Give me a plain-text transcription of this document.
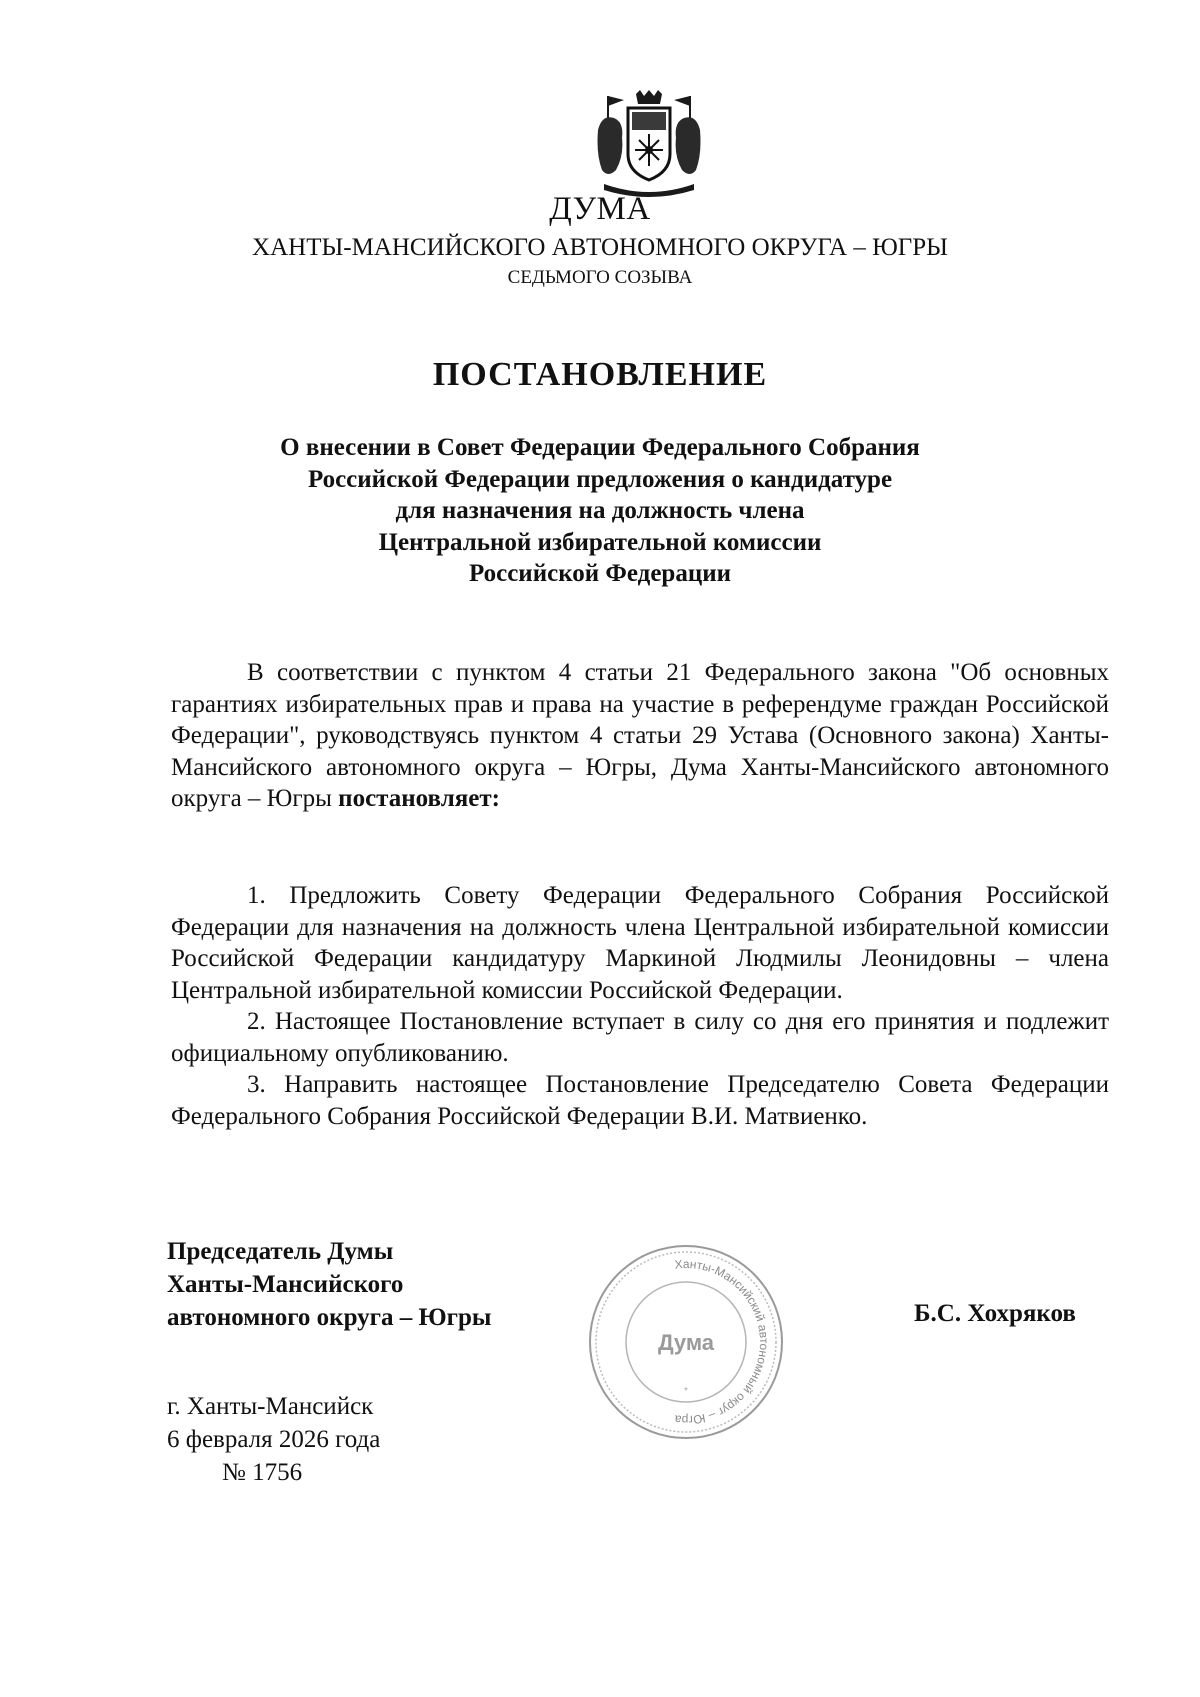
ДУМА
ХАНТЫ-МАНСИЙСКОГО АВТОНОМНОГО ОКРУГА – ЮГРЫ
СЕДЬМОГО СОЗЫВА
ПОСТАНОВЛЕНИЕ
О внесении в Совет Федерации Федерального Собрания
Российской Федерации предложения о кандидатуре
для назначения на должность члена
Центральной избирательной комиссии
Российской Федерации

В соответствии с пунктом 4 статьи 21 Федерального закона "Об основных гарантиях избирательных прав и права на участие в референдуме граждан Российской Федерации", руководствуясь пунктом 4 статьи 29 Устава (Основного закона) Ханты-Мансийского автономного округа – Югры, Дума Ханты-Мансийского автономного округа – Югры постановляет:

1. Предложить Совету Федерации Федерального Собрания Российской Федерации для назначения на должность члена Центральной избирательной комиссии Российской Федерации кандидатуру Маркиной Людмилы Леонидовны – члена Центральной избирательной комиссии Российской Федерации.

2. Настоящее Постановление вступает в силу со дня его принятия и подлежит официальному опубликованию.

3. Направить настоящее Постановление Председателю Совета Федерации Федерального Собрания Российской Федерации В.И. Матвиенко.

Председатель Думы
Ханты-Мансийского
автономного округа – Югры
Ханты-Мансийский автономный округ – Югра
Дума
*
Б.С. Хохряков
г. Ханты-Мансийск
6 февраля 2026 года
№ 1756
